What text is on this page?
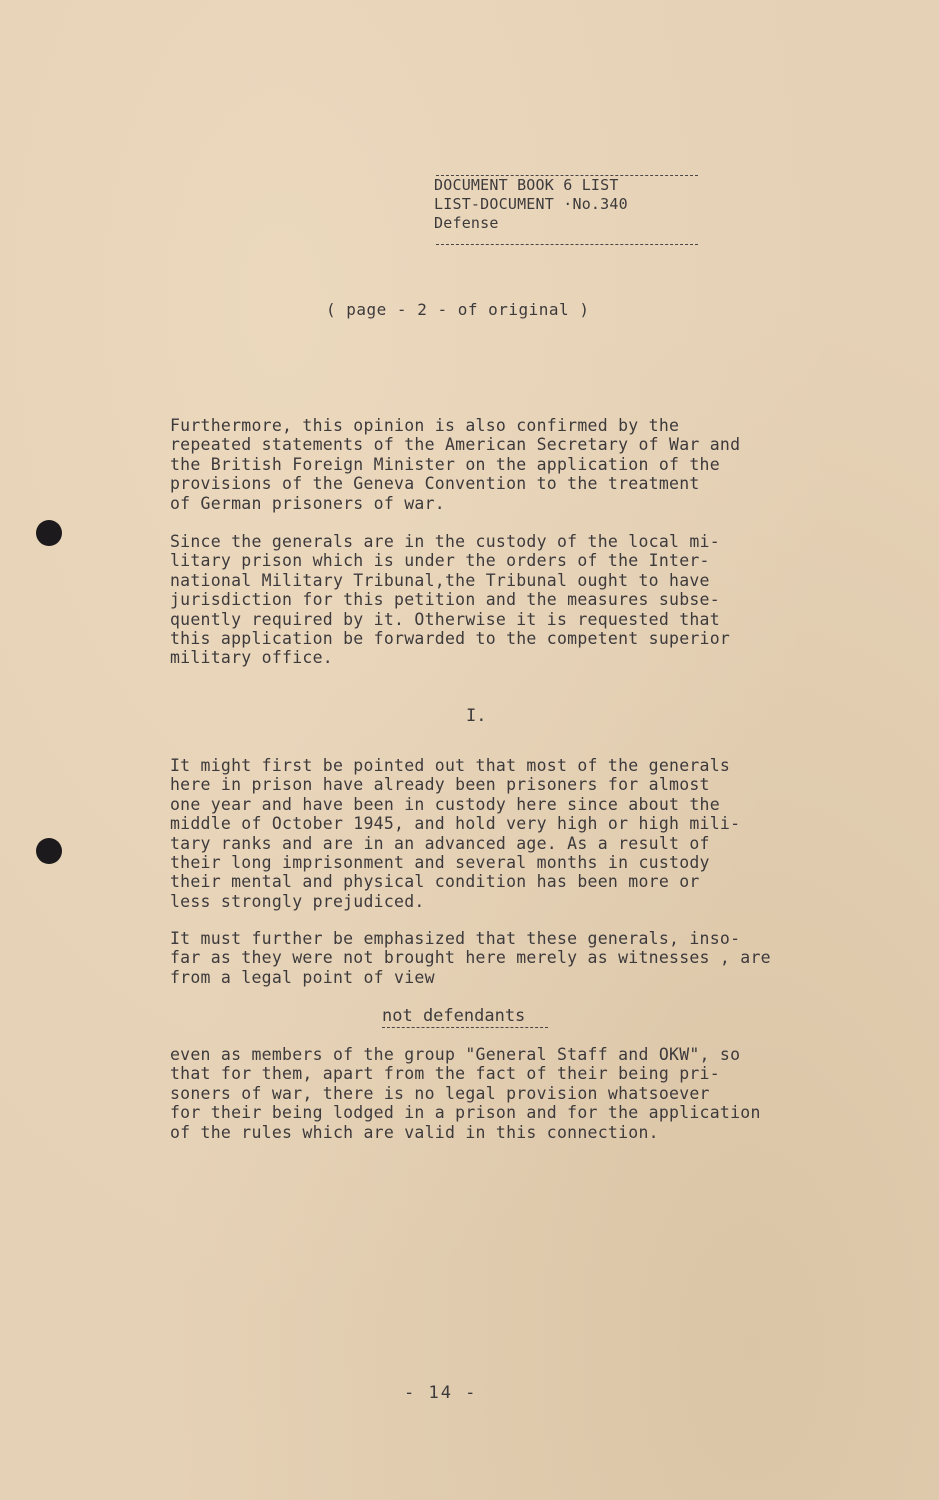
DOCUMENT BOOK 6 LIST
LIST-DOCUMENT ·No.340
Defense
( page - 2 - of original )
Furthermore, this opinion is also confirmed by the
repeated statements of the American Secretary of War and
the British Foreign Minister on the application of the
provisions of the Geneva Convention to the treatment
of German prisoners of war.
Since the generals are in the custody of the local mi-
litary prison which is under the orders of the Inter-
national Military Tribunal,the Tribunal ought to have
jurisdiction for this petition and the measures subse-
quently required by it. Otherwise it is requested that
this application be forwarded to the competent superior
military office.
I.
It might first be pointed out that most of the generals
here in prison have already been prisoners for almost
one year and have been in custody here since about the
middle of October 1945, and hold very high or high mili-
tary ranks and are in an advanced age. As a result of
their long imprisonment and several months in custody
their mental and physical condition has been more or
less strongly prejudiced.
It must further be emphasized that these generals, inso-
far as they were not brought here merely as witnesses , are
from a legal point of view
not defendants
even as members of the group "General Staff and OKW", so
that for them, apart from the fact of their being pri-
soners of war, there is no legal provision whatsoever
for their being lodged in a prison and for the application
of the rules which are valid in this connection.
- 14 -
